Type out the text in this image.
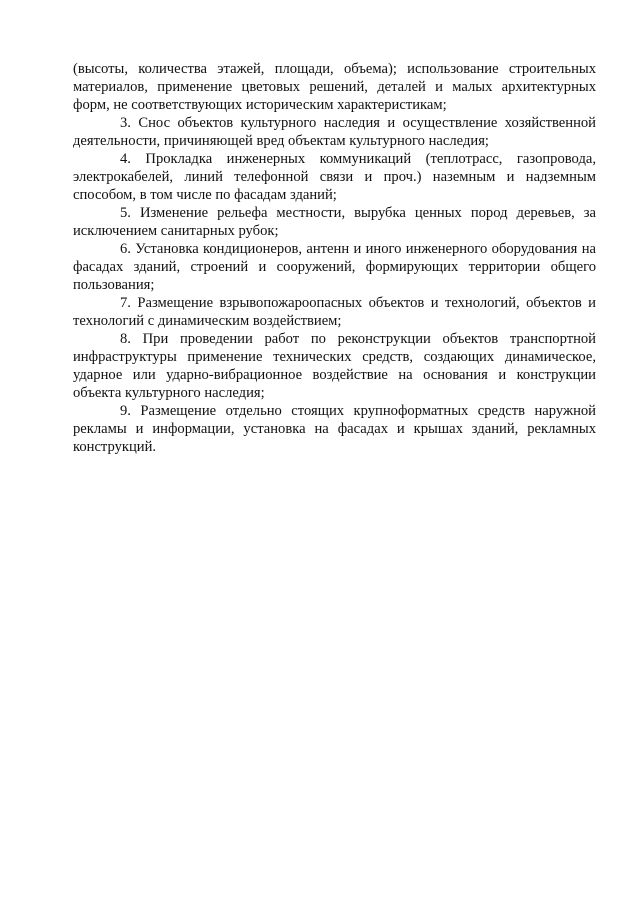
(высоты, количества этажей, площади, объема); использование строительных материалов, применение цветовых решений, деталей и малых архитектурных форм, не соответствующих историческим характеристикам;

3. Снос объектов культурного наследия и осуществление хозяйственной деятельности, причиняющей вред объектам культурного наследия;

4. Прокладка инженерных коммуникаций (теплотрасс, газопровода, электрокабелей, линий телефонной связи и проч.) наземным и надземным способом, в том числе по фасадам зданий;

5. Изменение рельефа местности, вырубка ценных пород деревьев, за исключением санитарных рубок;

6. Установка кондиционеров, антенн и иного инженерного оборудования на фасадах зданий, строений и сооружений, формирующих территории общего пользования;

7. Размещение взрывопожароопасных объектов и технологий, объектов и технологий с динамическим воздействием;

8. При проведении работ по реконструкции объектов транспортной инфраструктуры применение технических средств, создающих динамическое, ударное или ударно-вибрационное воздействие на основания и конструкции объекта культурного наследия;

9. Размещение отдельно стоящих крупноформатных средств наружной рекламы и информации, установка на фасадах и крышах зданий, рекламных конструкций.
